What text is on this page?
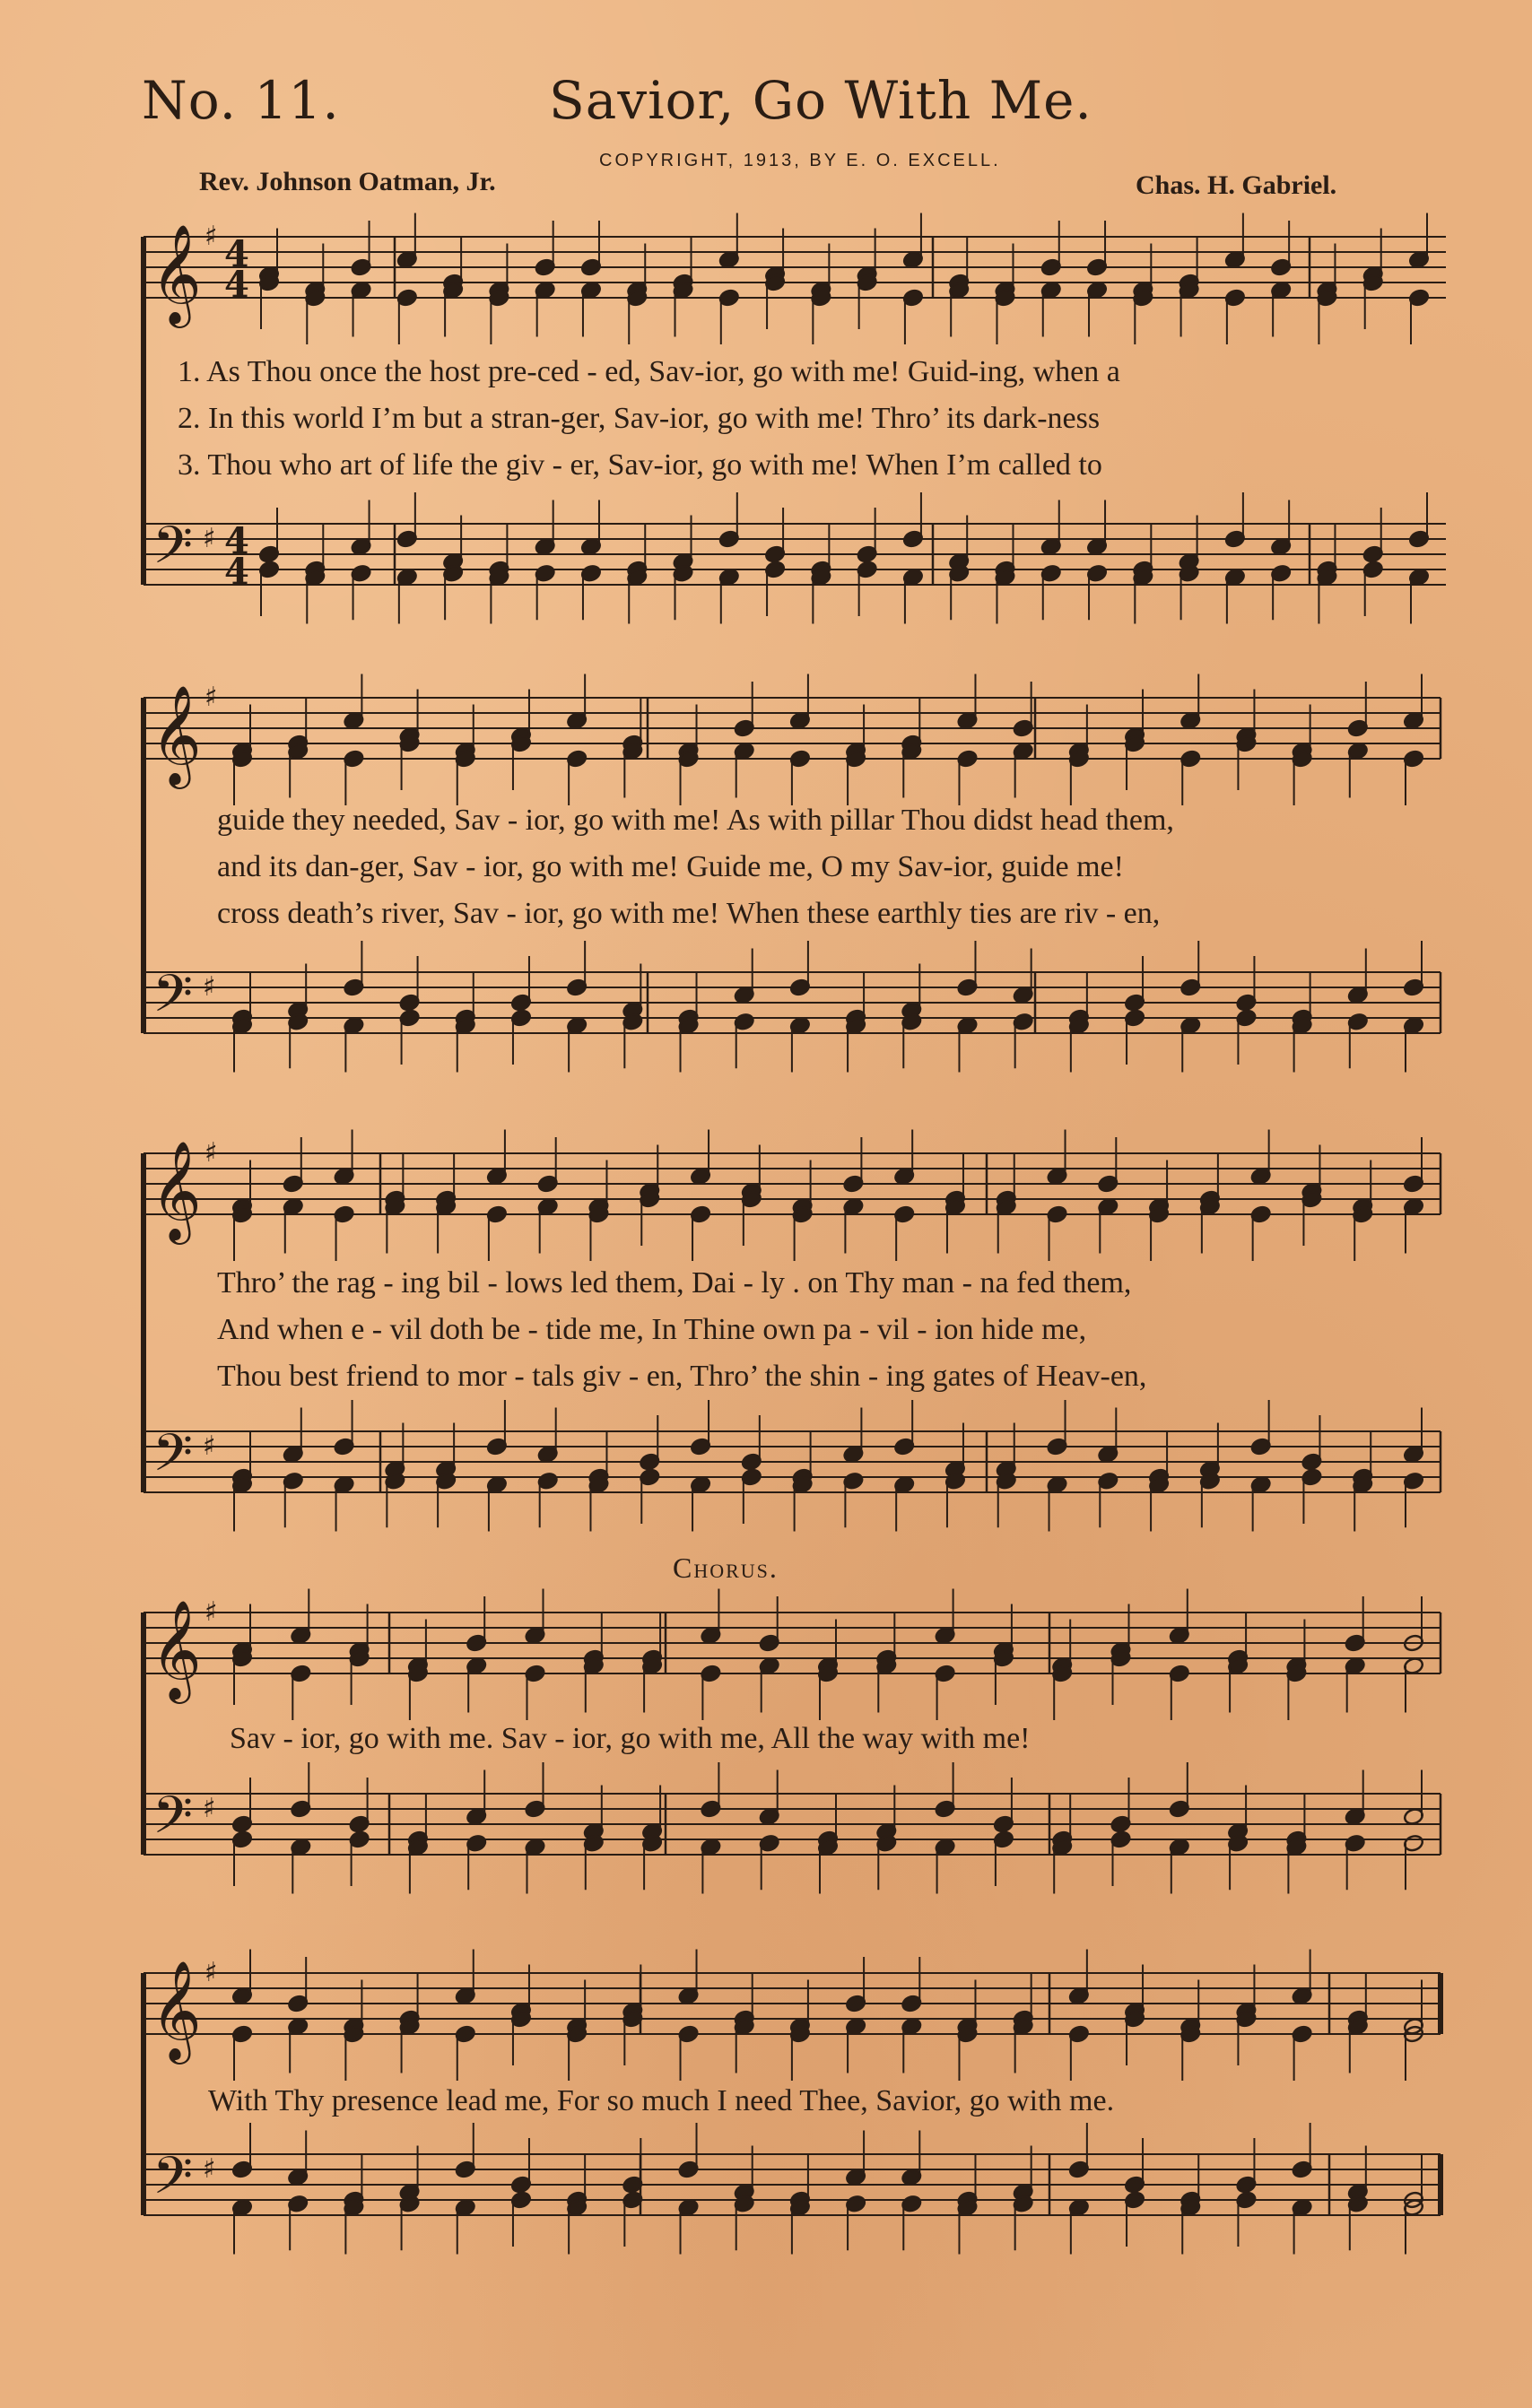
No. 11.	Savior, Go With Me.
COPYRIGHT, 1913, BY E. O. EXCELL.
Rev. Johnson Oatman, Jr.	Chas. H. Gabriel.
1. As Thou once the host pre-ced - ed, Sav-ior, go with me! Guid-ing, when a
2. In this world I’m but a stran-ger, Sav-ior, go with me! Thro’ its dark-ness
3. Thou who art of life the giv - er, Sav-ior, go with me! When I’m called to
guide they needed, Sav - ior, go with me! As with pillar Thou didst head them,
and its dan-ger, Sav - ior, go with me! Guide me, O my Sav-ior, guide me!
cross death’s river, Sav - ior, go with me! When these earthly ties are riv - en,
Thro’ the rag - ing bil - lows led them, Dai - ly . on Thy man - na fed them,
And when e - vil doth be - tide me, In Thine own pa - vil - ion hide me,
Thou best friend to mor - tals giv - en, Thro’ the shin - ing gates of Heav-en,
Chorus.
Sav - ior, go with me. Sav - ior, go with me, All the way with me!
With Thy presence lead me, For so much I need Thee, Savior, go with me.
𝄞
𝄢
♯
♯
4
4
4
4
𝄞
𝄢
♯
♯
𝄞
𝄢
♯
♯
𝄞
𝄢
♯
♯
𝄞
𝄢
♯
♯
